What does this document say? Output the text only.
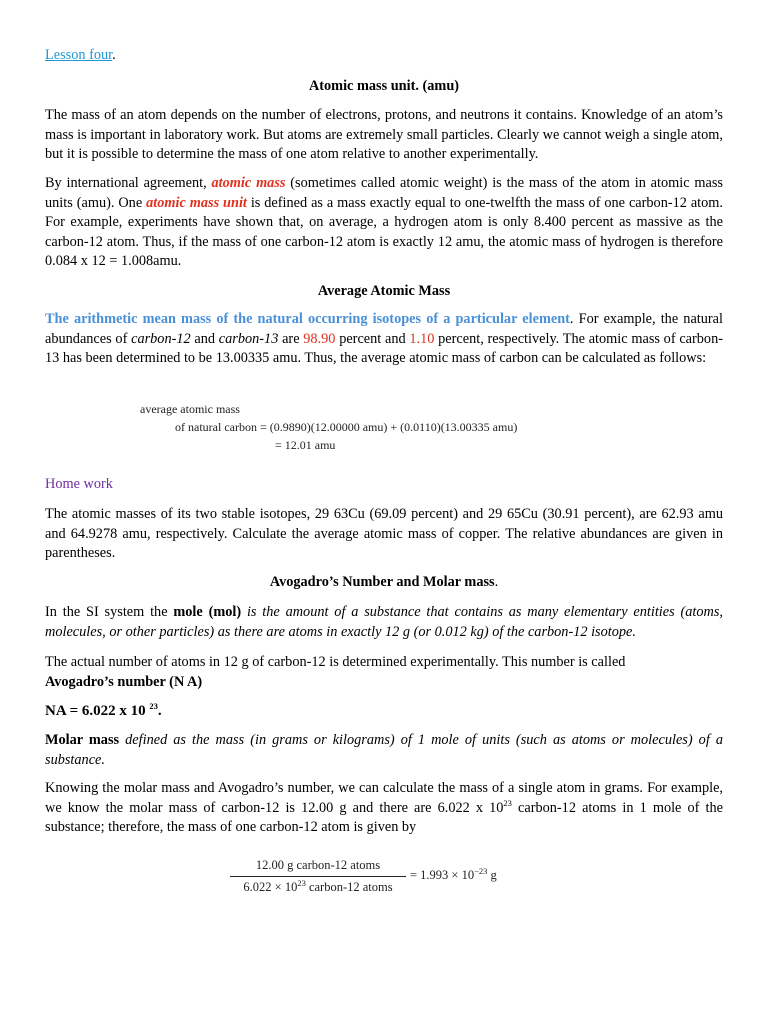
Lesson four.
Atomic mass unit. (amu)
The mass of an atom depends on the number of electrons, protons, and neutrons it contains. Knowledge of an atom’s mass is important in laboratory work. But atoms are extremely small particles. Clearly we cannot weigh a single atom, but it is possible to determine the mass of one atom relative to another experimentally.
By international agreement, atomic mass (sometimes called atomic weight) is the mass of the atom in atomic mass units (amu). One atomic mass unit is defined as a mass exactly equal to one-twelfth the mass of one carbon-12 atom. For example, experiments have shown that, on average, a hydrogen atom is only 8.400 percent as massive as the carbon-12 atom. Thus, if the mass of one carbon-12 atom is exactly 12 amu, the atomic mass of hydrogen is therefore 0.084 x 12 = 1.008amu.
Average Atomic Mass
The arithmetic mean mass of the natural occurring isotopes of a particular element. For example, the natural abundances of carbon-12 and carbon-13 are 98.90 percent and 1.10 percent, respectively. The atomic mass of carbon-13 has been determined to be 13.00335 amu. Thus, the average atomic mass of carbon can be calculated as follows:
average atomic mass
of natural carbon = (0.9890)(12.00000 amu) + (0.0110)(13.00335 amu)
= 12.01 amu
Home work
The atomic masses of its two stable isotopes, 29 63Cu (69.09 percent) and 29 65Cu (30.91 percent), are 62.93 amu and 64.9278 amu, respectively. Calculate the average atomic mass of copper. The relative abundances are given in parentheses.
Avogadro’s Number and Molar mass.
In the SI system the mole (mol) is the amount of a substance that contains as many elementary entities (atoms, molecules, or other particles) as there are atoms in exactly 12 g (or 0.012 kg) of the carbon-12 isotope.
The actual number of atoms in 12 g of carbon-12 is determined experimentally. This number is called
Avogadro’s number (N A)
NA = 6.022 x 10 $^{23}$.
Molar mass defined as the mass (in grams or kilograms) of 1 mole of units (such as atoms or molecules) of a substance.
Knowing the molar mass and Avogadro’s number, we can calculate the mass of a single atom in grams. For example, we know the molar mass of carbon-12 is 12.00 g and there are 6.022 x $10^{23}$ carbon-12 atoms in 1 mole of the substance; therefore, the mass of one carbon-12 atom is given by
12.00 g carbon-12 atoms
$6.022 \times 10^{23}$ carbon-12 atoms
= $1.993 \times 10^{-23}$ g
